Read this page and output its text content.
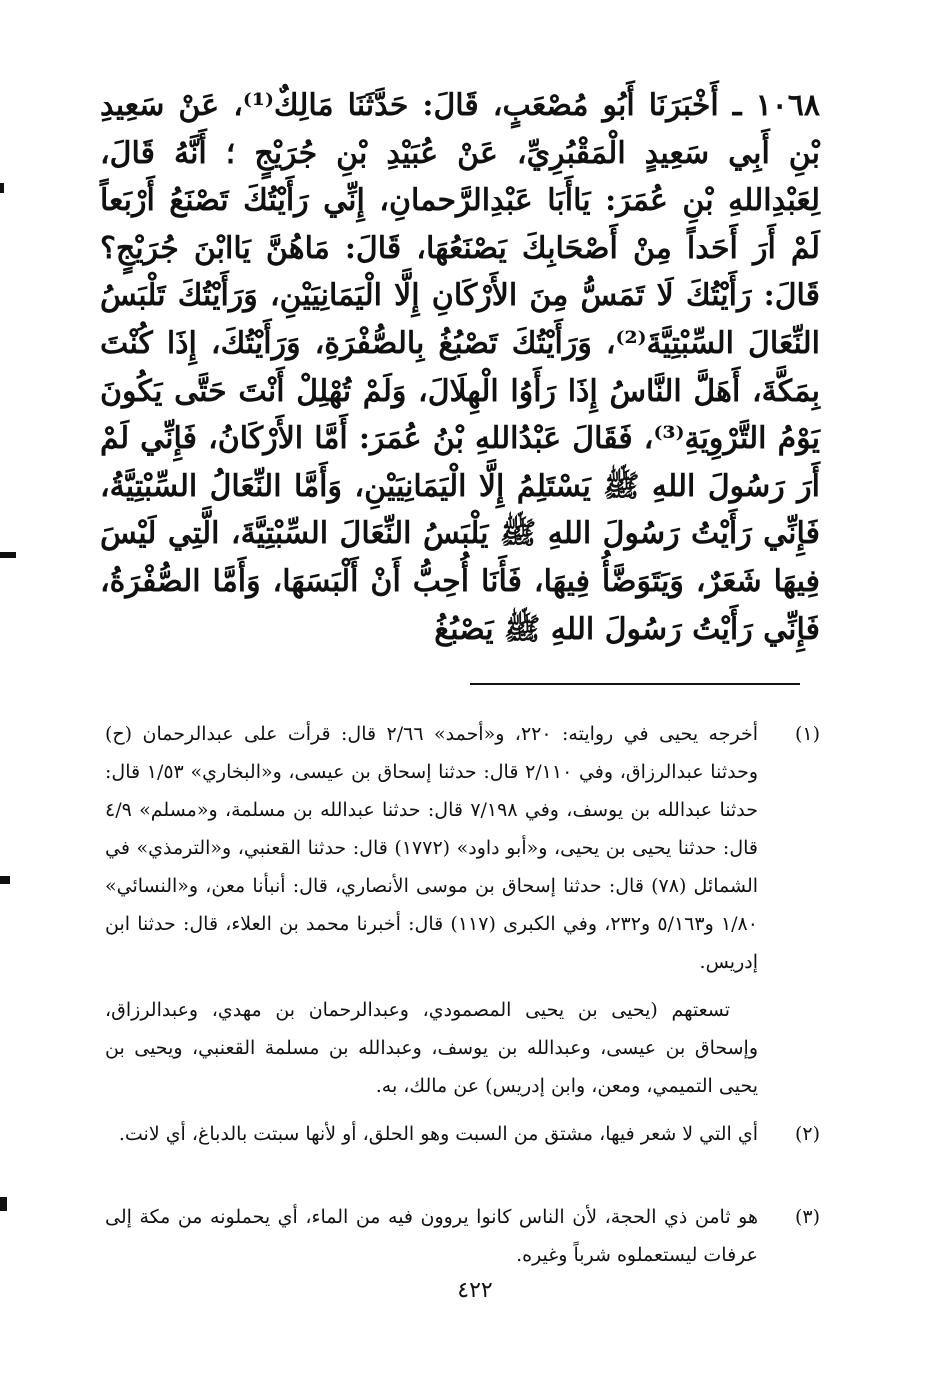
١٠٦٨ ـ أَخْبَرَنَا أَبُو مُصْعَبٍ، قَالَ: حَدَّثَنَا مَالِكٌ⁽¹⁾، عَنْ سَعِيدِ بْنِ أَبِي سَعِيدٍ الْمَقْبُرِيِّ، عَنْ عُبَيْدِ بْنِ جُرَيْجٍ ؛ أَنَّهُ قَالَ، لِعَبْدِاللهِ بْنِ عُمَرَ: يَاأَبَا عَبْدِالرَّحمانِ، إِنِّي رَأَيْتُكَ تَصْنَعُ أَرْبَعاً لَمْ أَرَ أَحَداً مِنْ أَصْحَابِكَ يَصْنَعُهَا، قَالَ: مَاهُنَّ يَاابْنَ جُرَيْجٍ؟ قَالَ: رَأَيْتُكَ لَا تَمَسُّ مِنَ الأَرْكَانِ إِلَّا الْيَمَانِيَيْنِ، وَرَأَيْتُكَ تَلْبَسُ النِّعَالَ السِّبْتِيَّةَ⁽²⁾، وَرَأَيْتُكَ تَصْبُغُ بِالصُّفْرَةِ، وَرَأَيْتُكَ، إِذَا كُنْتَ بِمَكَّةَ، أَهَلَّ النَّاسُ إِذَا رَأَوُا الْهِلَالَ، وَلَمْ تُهْلِلْ أَنْتَ حَتَّى يَكُونَ يَوْمُ التَّرْوِيَةِ⁽³⁾، فَقَالَ عَبْدُاللهِ بْنُ عُمَرَ: أَمَّا الأَرْكَانُ، فَإِنِّي لَمْ أَرَ رَسُولَ اللهِ ﷺ يَسْتَلِمُ إِلَّا الْيَمَانِيَيْنِ، وَأَمَّا النِّعَالُ السِّبْتِيَّةُ، فَإِنِّي رَأَيْتُ رَسُولَ اللهِ ﷺ يَلْبَسُ النِّعَالَ السِّبْتِيَّةَ، الَّتِي لَيْسَ فِيهَا شَعَرٌ، وَيَتَوَضَّأُ فِيهَا، فَأَنَا أُحِبُّ أَنْ أَلْبَسَهَا، وَأَمَّا الصُّفْرَةُ، فَإِنِّي رَأَيْتُ رَسُولَ اللهِ ﷺ يَصْبُغُ

(١)

أخرجه يحيى في روايته: ٢٢٠، و«أحمد» ٢/٦٦ قال: قرأت على عبدالرحمان (ح) وحدثنا عبدالرزاق، وفي ٢/١١٠ قال: حدثنا إسحاق بن عيسى، و«البخاري» ١/٥٣ قال: حدثنا عبدالله بن يوسف، وفي ٧/١٩٨ قال: حدثنا عبدالله بن مسلمة، و«مسلم» ٤/٩ قال: حدثنا يحيى بن يحيى، و«أبو داود» (١٧٧٢) قال: حدثنا القعنبي، و«الترمذي» في الشمائل (٧٨) قال: حدثنا إسحاق بن موسى الأنصاري، قال: أنبأنا معن، و«النسائي» ١/٨٠ و٥/١٦٣ و٢٣٢، وفي الكبرى (١١٧) قال: أخبرنا محمد بن العلاء، قال: حدثنا ابن إدريس.

تسعتهم (يحيى بن يحيى المصمودي، وعبدالرحمان بن مهدي، وعبدالرزاق، وإسحاق بن عيسى، وعبدالله بن يوسف، وعبدالله بن مسلمة القعنبي، ويحيى بن يحيى التميمي، ومعن، وابن إدريس) عن مالك، به.

(٢)

أي التي لا شعر فيها، مشتق من السبت وهو الحلق، أو لأنها سبتت بالدباغ، أي لانت.

(٣)

هو ثامن ذي الحجة، لأن الناس كانوا يروون فيه من الماء، أي يحملونه من مكة إلى عرفات ليستعملوه شرباً وغيره.

٤٢٢
